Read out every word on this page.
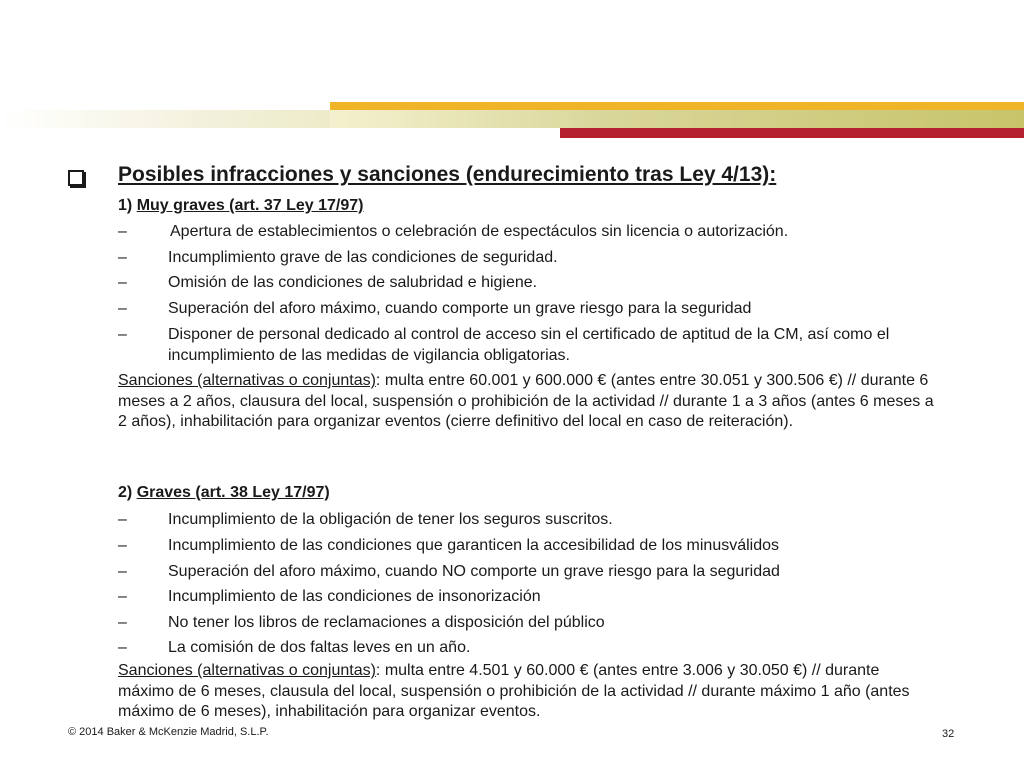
Posibles infracciones y sanciones (endurecimiento tras Ley 4/13):
1) Muy graves (art. 37 Ley 17/97)
–	Apertura de establecimientos o celebración de espectáculos sin licencia o autorización.
–	Incumplimiento grave de las condiciones de seguridad.
–	Omisión de las condiciones de salubridad e higiene.
–	Superación del aforo máximo, cuando comporte un grave riesgo para la seguridad
–	Disponer de personal dedicado al control de acceso sin el certificado de aptitud de la CM, así como el incumplimiento de las medidas de vigilancia obligatorias.
Sanciones (alternativas o conjuntas): multa entre 60.001 y 600.000 € (antes entre 30.051 y 300.506 €) // durante 6 meses a 2 años, clausura del local, suspensión o prohibición de la actividad // durante 1 a 3 años (antes 6 meses a 2 años), inhabilitación para organizar eventos (cierre definitivo del local en caso de reiteración).
2) Graves (art. 38 Ley 17/97)
–	Incumplimiento de la obligación de tener los seguros suscritos.
–	Incumplimiento de las condiciones que garanticen la accesibilidad de los minusválidos
–	Superación del aforo máximo, cuando NO comporte un grave riesgo para la seguridad
–	Incumplimiento de las condiciones de insonorización
–	No tener los libros de reclamaciones a disposición del público
–	La comisión de dos faltas leves en un año.
Sanciones (alternativas o conjuntas): multa entre 4.501 y 60.000 € (antes entre 3.006 y 30.050 €) // durante máximo de 6 meses, clausula del local, suspensión o prohibición de la actividad // durante máximo 1 año (antes máximo de 6 meses), inhabilitación para organizar eventos.
© 2014 Baker & McKenzie Madrid, S.L.P.	32
